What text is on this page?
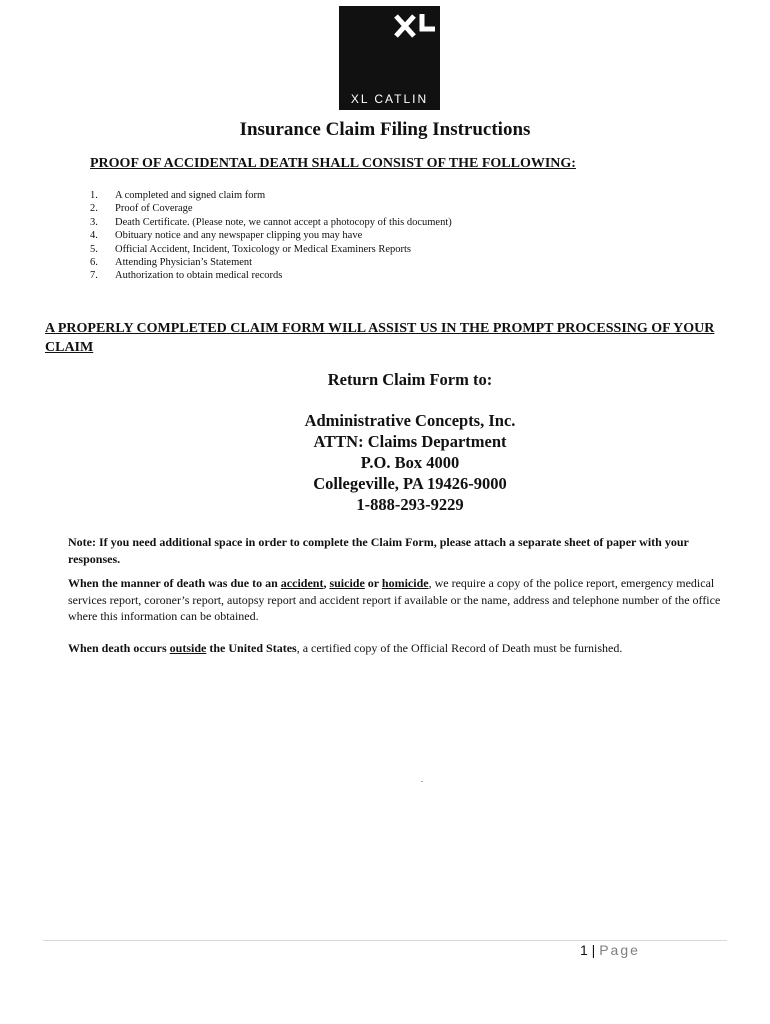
XL CATLIN
Insurance Claim Filing Instructions

PROOF OF ACCIDENTAL DEATH SHALL CONSIST OF THE FOLLOWING:

1.	A completed and signed claim form
2.	Proof of Coverage
3.	Death Certificate. (Please note, we cannot accept a photocopy of this document)
4.	Obituary notice and any newspaper clipping you may have
5.	Official Accident, Incident, Toxicology or Medical Examiners Reports
6.	Attending Physician’s Statement
7.	Authorization to obtain medical records

A PROPERLY COMPLETED CLAIM FORM WILL ASSIST US IN THE PROMPT PROCESSING OF YOUR CLAIM

Return Claim Form to:

Administrative Concepts, Inc.
ATTN: Claims Department
P.O. Box 4000
Collegeville, PA 19426-9000
1-888-293-9229

Note: If you need additional space in order to complete the Claim Form, please attach a separate sheet of paper with your responses.

When the manner of death was due to an accident, suicide or homicide, we require a copy of the police report, emergency medical services report, coroner’s report, autopsy report and accident report if available or the name, address and telephone number of the office where this information can be obtained.

When death occurs outside the United States, a certified copy of the Official Record of Death must be furnished.

.
1 | Page
